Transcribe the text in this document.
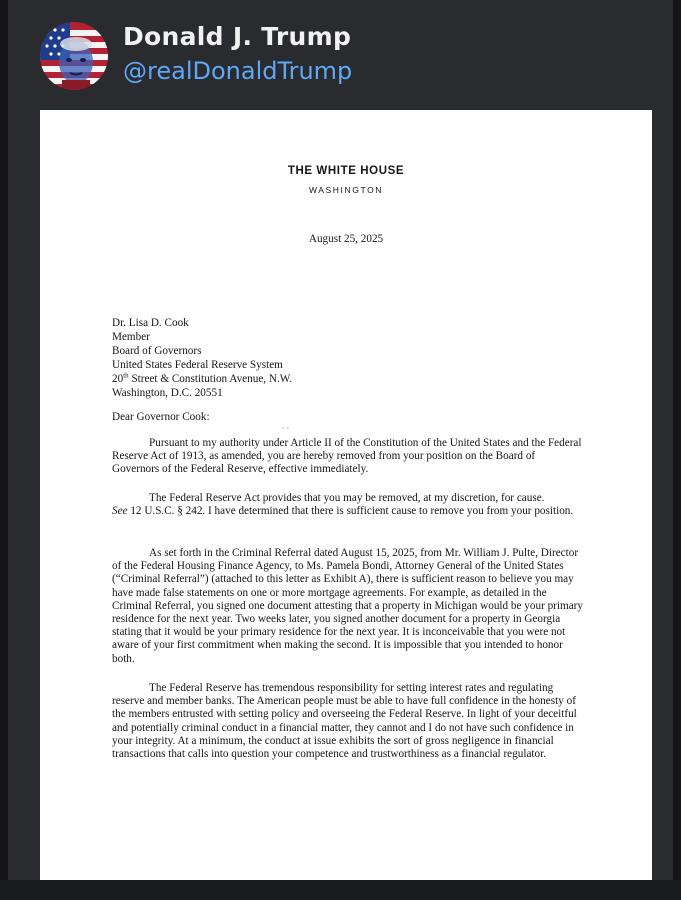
Donald J. Trump
@realDonaldTrump
THE WHITE HOUSE
WASHINGTON
August 25, 2025
Dr. Lisa D. Cook
Member
Board of Governors
United States Federal Reserve System
20th Street & Constitution Avenue, N.W.
Washington, D.C. 20551
Dear Governor Cook:
⸱ ⸱
Pursuant to my authority under Article II of the Constitution of the United States and the Federal Reserve Act of 1913, as amended, you are hereby removed from your position on the Board of Governors of the Federal Reserve, effective immediately.
The Federal Reserve Act provides that you may be removed, at my discretion, for cause.
See 12 U.S.C. § 242. I have determined that there is sufficient cause to remove you from your position.
As set forth in the Criminal Referral dated August 15, 2025, from Mr. William J. Pulte, Director of the Federal Housing Finance Agency, to Ms. Pamela Bondi, Attorney General of the United States (“Criminal Referral”) (attached to this letter as Exhibit A), there is sufficient reason to believe you may have made false statements on one or more mortgage agreements. For example, as detailed in the Criminal Referral, you signed one document attesting that a property in Michigan would be your primary residence for the next year. Two weeks later, you signed another document for a property in Georgia stating that it would be your primary residence for the next year. It is inconceivable that you were not aware of your first commitment when making the second. It is impossible that you intended to honor both.
The Federal Reserve has tremendous responsibility for setting interest rates and regulating reserve and member banks. The American people must be able to have full confidence in the honesty of the members entrusted with setting policy and overseeing the Federal Reserve. In light of your deceitful and potentially criminal conduct in a financial matter, they cannot and I do not have such confidence in your integrity. At a minimum, the conduct at issue exhibits the sort of gross negligence in financial transactions that calls into question your competence and trustworthiness as a financial regulator.
